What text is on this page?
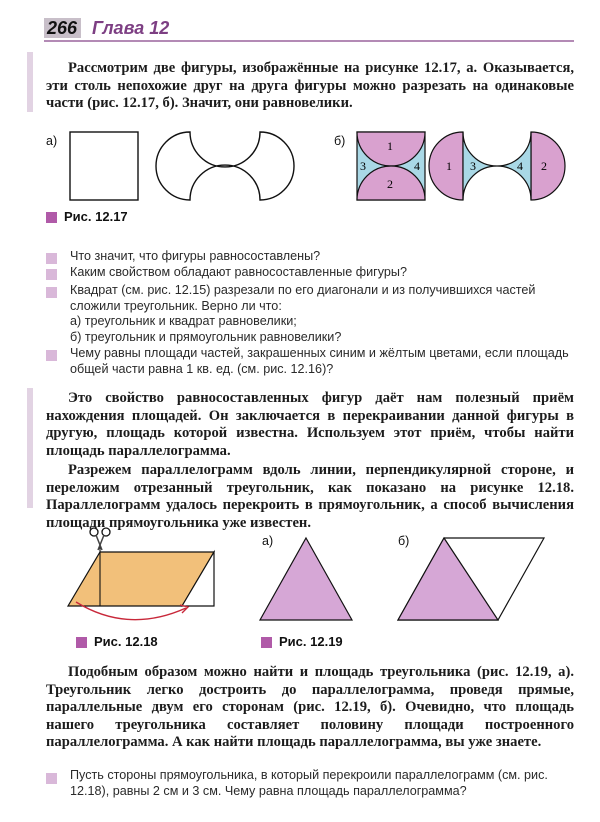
266 Глава 12

Рассмотрим две фигуры, изображённые на рисунке 12.17, а. Оказывается, эти столь непохожие друг на друга фигуры можно разрезать на одинаковые части (рис. 12.17, б). Значит, они равновелики.

а)	б)	1
2
3	4 1 3	4 2
Рис. 12.17
Что значит, что фигуры равносоставлены?
Каким свойством обладают равносоставленные фигуры?
Квадрат (см. рис. 12.15) разрезали по его диагонали и из получившихся частей сложили треугольник. Верно ли что:
а) треугольник и квадрат равновелики;
б) треугольник и прямоугольник равновелики?
Чему равны площади частей, закрашенных синим и жёлтым цветами, если площадь общей части равна 1 кв. ед. (см. рис. 12.16)?

Это свойство равносоставленных фигур даёт нам полезный приём нахождения площадей. Он заключается в перекраивании данной фигуры в другую, площадь которой известна. Используем этот приём, чтобы найти площадь параллелограмма.

Разрежем параллелограмм вдоль линии, перпендикулярной стороне, и переложим отрезанный треугольник, как показано на рисунке 12.18. Параллелограмм удалось перекроить в прямоугольник, а способ вычисления площади прямоугольника уже известен.

Рис. 12.18
а)	б)
Рис. 12.19

Подобным образом можно найти и площадь треугольника (рис. 12.19, а). Треугольник легко достроить до параллелограмма, проведя прямые, параллельные двум его сторонам (рис. 12.19, б). Очевидно, что площадь нашего треугольника составляет половину площади построенного параллелограмма. А как найти площадь параллелограмма, вы уже знаете.

Пусть стороны прямоугольника, в который перекроили параллелограмм (см. рис. 12.18), равны 2 см и 3 см. Чему равна площадь параллелограмма?
